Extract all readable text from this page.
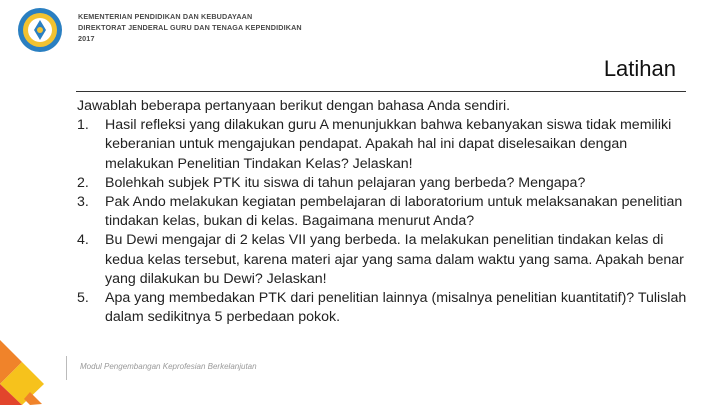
KEMENTERIAN PENDIDIKAN DAN KEBUDAYAAN
DIREKTORAT JENDERAL GURU DAN TENAGA KEPENDIDIKAN
2017
Latihan

Jawablah beberapa pertanyaan berikut dengan bahasa Anda sendiri.

1. Hasil refleksi yang dilakukan guru A menunjukkan bahwa kebanyakan siswa tidak memiliki keberanian untuk mengajukan pendapat. Apakah hal ini dapat diselesaikan dengan melakukan Penelitian Tindakan Kelas? Jelaskan!
2. Bolehkah subjek PTK itu siswa di tahun pelajaran yang berbeda? Mengapa?
3. Pak Ando melakukan kegiatan pembelajaran di laboratorium untuk melaksanakan penelitian tindakan kelas, bukan di kelas. Bagaimana menurut Anda?
4. Bu Dewi mengajar di 2 kelas VII yang berbeda. Ia melakukan penelitian tindakan kelas di kedua kelas tersebut, karena materi ajar yang sama dalam waktu yang sama. Apakah benar yang dilakukan bu Dewi? Jelaskan!
5. Apa yang membedakan PTK dari penelitian lainnya (misalnya penelitian kuantitatif)? Tulislah dalam sedikitnya 5 perbedaan pokok.
Modul Pengembangan Keprofesian Berkelanjutan
